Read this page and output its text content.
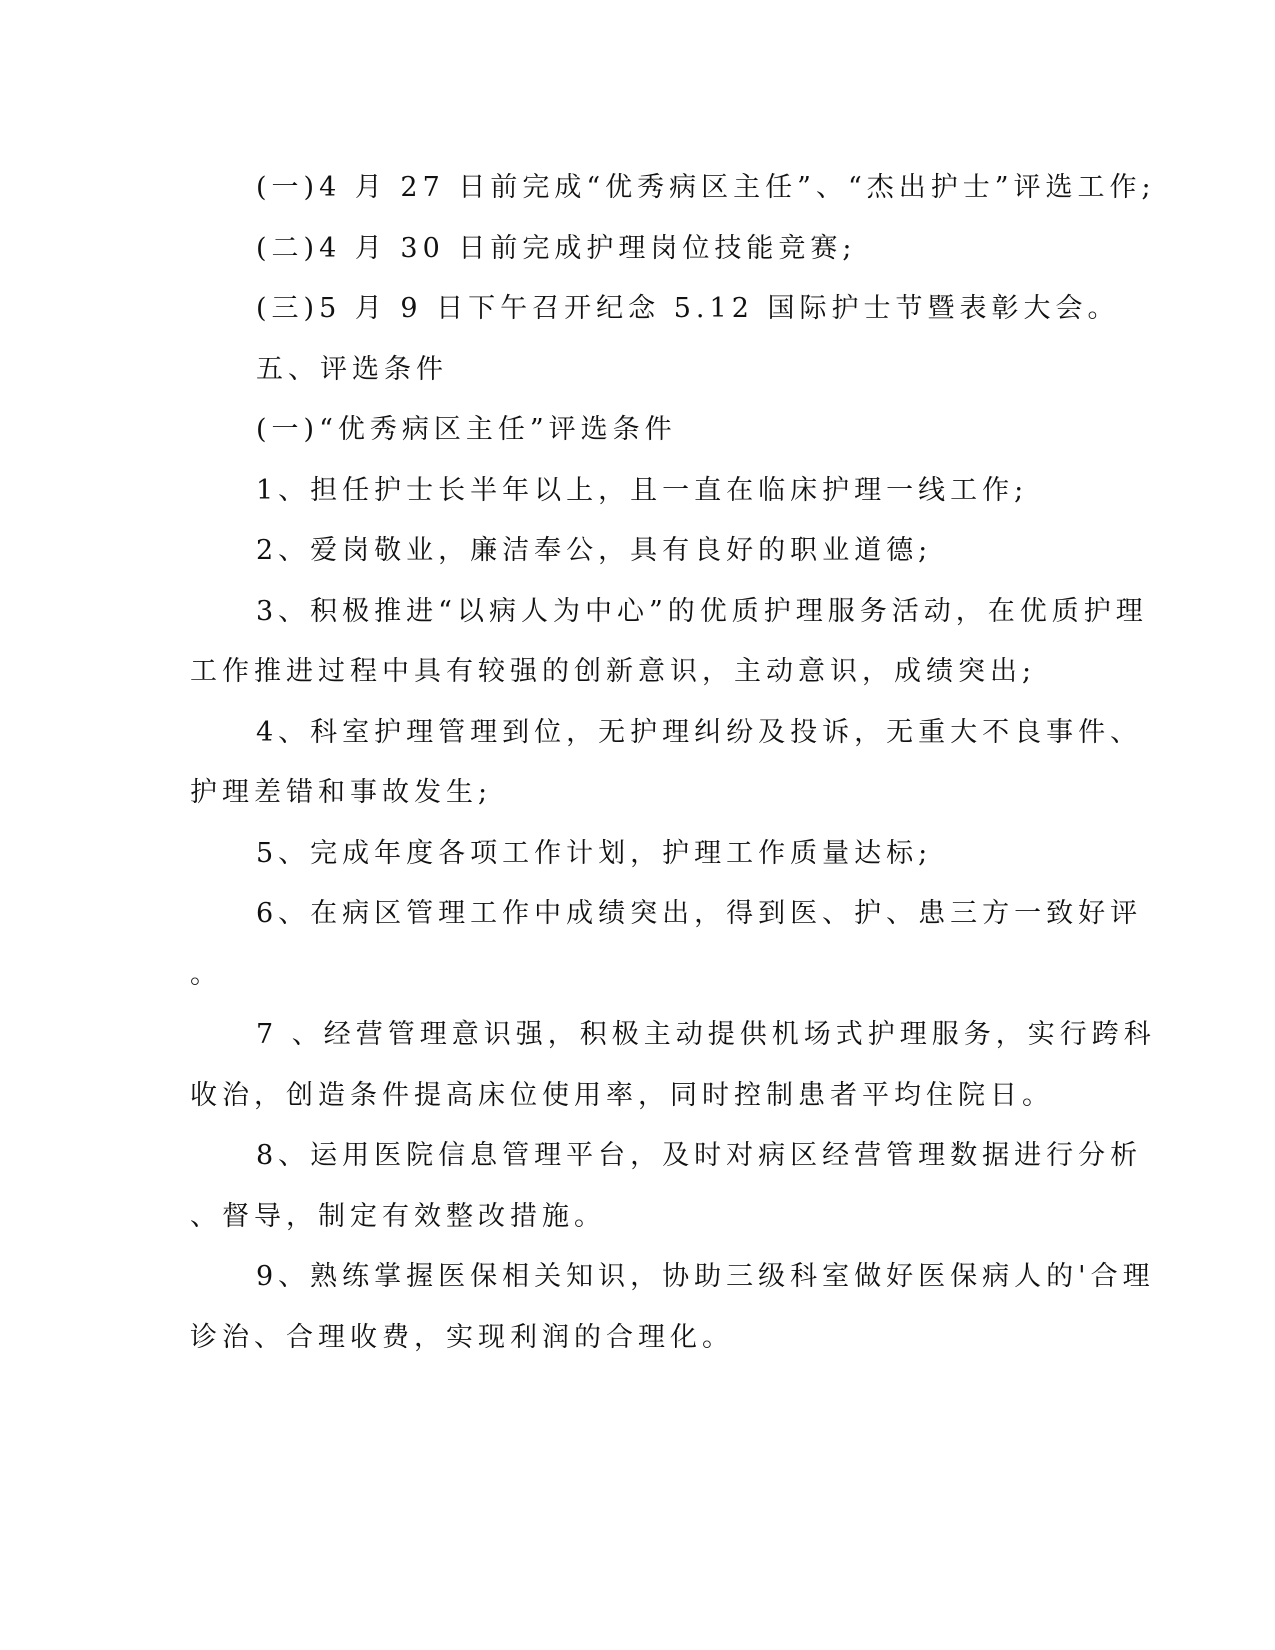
(一)4 月 27 日前完成“优秀病区主任”、“杰出护士”评选工作;
(二)4 月 30 日前完成护理岗位技能竞赛;
(三)5 月 9 日下午召开纪念 5.12 国际护士节暨表彰大会。
五、评选条件
(一)“优秀病区主任”评选条件
1、担任护士长半年以上，且一直在临床护理一线工作;
2、爱岗敬业，廉洁奉公，具有良好的职业道德;
3、积极推进“以病人为中心”的优质护理服务活动，在优质护理
工作推进过程中具有较强的创新意识，主动意识，成绩突出;
4、科室护理管理到位，无护理纠纷及投诉，无重大不良事件、
护理差错和事故发生;
5、完成年度各项工作计划，护理工作质量达标;
6、在病区管理工作中成绩突出，得到医、护、患三方一致好评
。
7 、经营管理意识强，积极主动提供机场式护理服务，实行跨科
收治，创造条件提高床位使用率，同时控制患者平均住院日。
8、运用医院信息管理平台，及时对病区经营管理数据进行分析
、督导，制定有效整改措施。
9、熟练掌握医保相关知识，协助三级科室做好医保病人的'合理
诊治、合理收费，实现利润的合理化。
